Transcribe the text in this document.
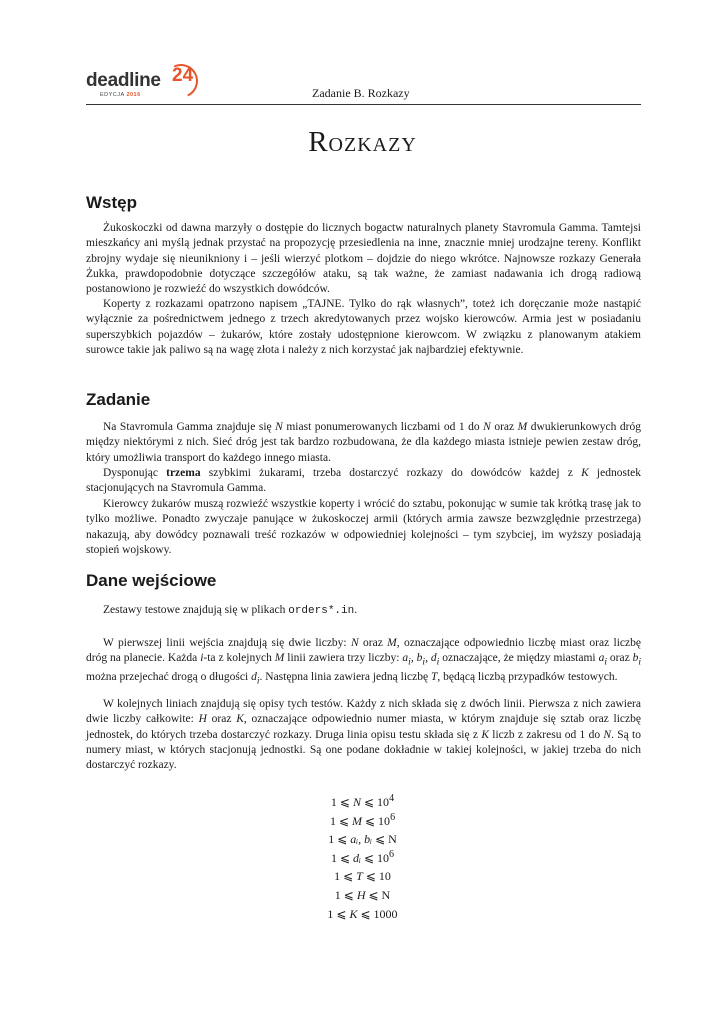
deadline 24
EDYCJA 2016	Zadanie B. Rozkazy
Rozkazy
Wstęp

Żukoskoczki od dawna marzyły o dostępie do licznych bogactw naturalnych planety Stavromula Gamma. Tamtejsi mieszkańcy ani myślą jednak przystać na propozycję przesiedlenia na inne, znacznie mniej urodzajne tereny. Konflikt zbrojny wydaje się nieunikniony i – jeśli wierzyć plotkom – dojdzie do niego wkrótce. Najnowsze rozkazy Generała Żukka, prawdopodobnie dotyczące szczegółów ataku, są tak ważne, że zamiast nadawania ich drogą radiową postanowiono je rozwieźć do wszystkich dowódców.

Koperty z rozkazami opatrzono napisem „TAJNE. Tylko do rąk własnych”, toteż ich doręczanie może nastąpić wyłącznie za pośrednictwem jednego z trzech akredytowanych przez wojsko kierowców. Armia jest w posiadaniu superszybkich pojazdów – żukarów, które zostały udostępnione kierowcom. W związku z planowanym atakiem surowce takie jak paliwo są na wagę złota i należy z nich korzystać jak najbardziej efektywnie.

Zadanie

Na Stavromula Gamma znajduje się N miast ponumerowanych liczbami od 1 do N oraz M dwukierunkowych dróg między niektórymi z nich. Sieć dróg jest tak bardzo rozbudowana, że dla każdego miasta istnieje pewien zestaw dróg, który umożliwia transport do każdego innego miasta.

Dysponując trzema szybkimi żukarami, trzeba dostarczyć rozkazy do dowódców każdej z K jednostek stacjonujących na Stavromula Gamma.

Kierowcy żukarów muszą rozwieźć wszystkie koperty i wrócić do sztabu, pokonując w sumie tak krótką trasę jak to tylko możliwe. Ponadto zwyczaje panujące w żukoskoczej armii (których armia zawsze bezwzględnie przestrzega) nakazują, aby dowódcy poznawali treść rozkazów w odpowiedniej kolejności – tym szybciej, im wyższy posiadają stopień wojskowy.

Dane wejściowe

Zestawy testowe znajdują się w plikach orders*.in.

W pierwszej linii wejścia znajdują się dwie liczby: N oraz M, oznaczające odpowiednio liczbę miast oraz liczbę dróg na planecie. Każda i-ta z kolejnych M linii zawiera trzy liczby: $a_i$, $b_i$, $d_i$ oznaczające, że między miastami $a_i$ oraz $b_i$ można przejechać drogą o długości $d_i$. Następna linia zawiera jedną liczbę T, będącą liczbą przypadków testowych.

W kolejnych liniach znajdują się opisy tych testów. Każdy z nich składa się z dwóch linii. Pierwsza z nich zawiera dwie liczby całkowite: H oraz K, oznaczające odpowiednio numer miasta, w którym znajduje się sztab oraz liczbę jednostek, do których trzeba dostarczyć rozkazy. Druga linia opisu testu składa się z K liczb z zakresu od 1 do N. Są to numery miast, w których stacjonują jednostki. Są one podane dokładnie w takiej kolejności, w jakiej trzeba do nich dostarczyć rozkazy.

1 ⩽ N ⩽ $10^4$
1 ⩽ M ⩽ $10^6$
1 ⩽ aᵢ, bᵢ ⩽ N
1 ⩽ dᵢ ⩽ $10^6$
1 ⩽ T ⩽ 10
1 ⩽ H ⩽ N
1 ⩽ K ⩽ 1000
